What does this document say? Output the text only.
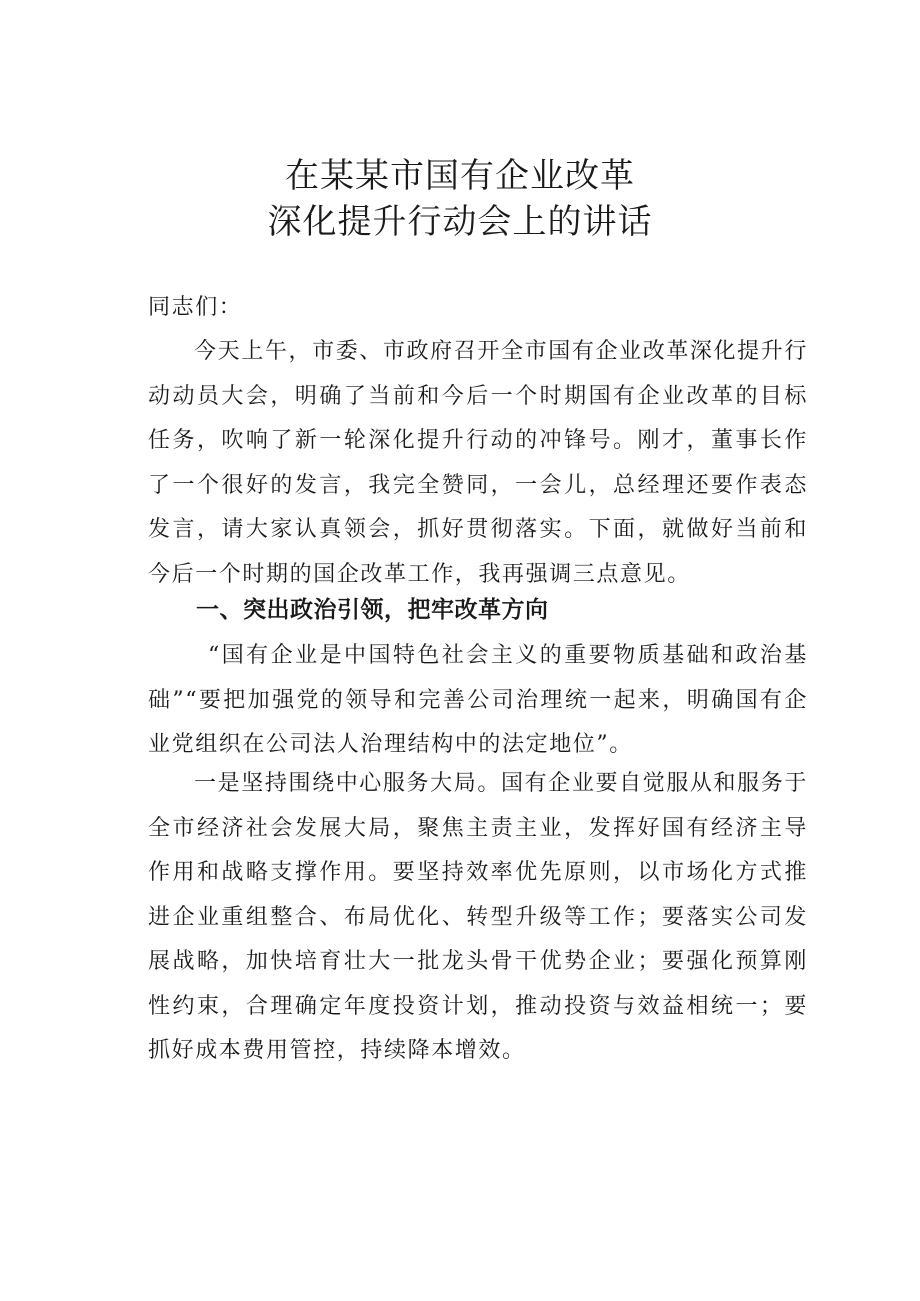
在某某市国有企业改革
深化提升行动会上的讲话
同志们：

今天上午，市委、市政府召开全市国有企业改革深化提升行动动员大会，明确了当前和今后一个时期国有企业改革的目标任务，吹响了新一轮深化提升行动的冲锋号。刚才，董事长作了一个很好的发言，我完全赞同，一会儿，总经理还要作表态发言，请大家认真领会，抓好贯彻落实。下面，就做好当前和今后一个时期的国企改革工作，我再强调三点意见。

一、突出政治引领，把牢改革方向

“国有企业是中国特色社会主义的重要物质基础和政治基础”“要把加强党的领导和完善公司治理统一起来，明确国有企业党组织在公司法人治理结构中的法定地位”。

一是坚持围绕中心服务大局。国有企业要自觉服从和服务于全市经济社会发展大局，聚焦主责主业，发挥好国有经济主导作用和战略支撑作用。要坚持效率优先原则，以市场化方式推进企业重组整合、布局优化、转型升级等工作；要落实公司发展战略，加快培育壮大一批龙头骨干优势企业；要强化预算刚性约束，合理确定年度投资计划，推动投资与效益相统一；要抓好成本费用管控，持续降本增效。
